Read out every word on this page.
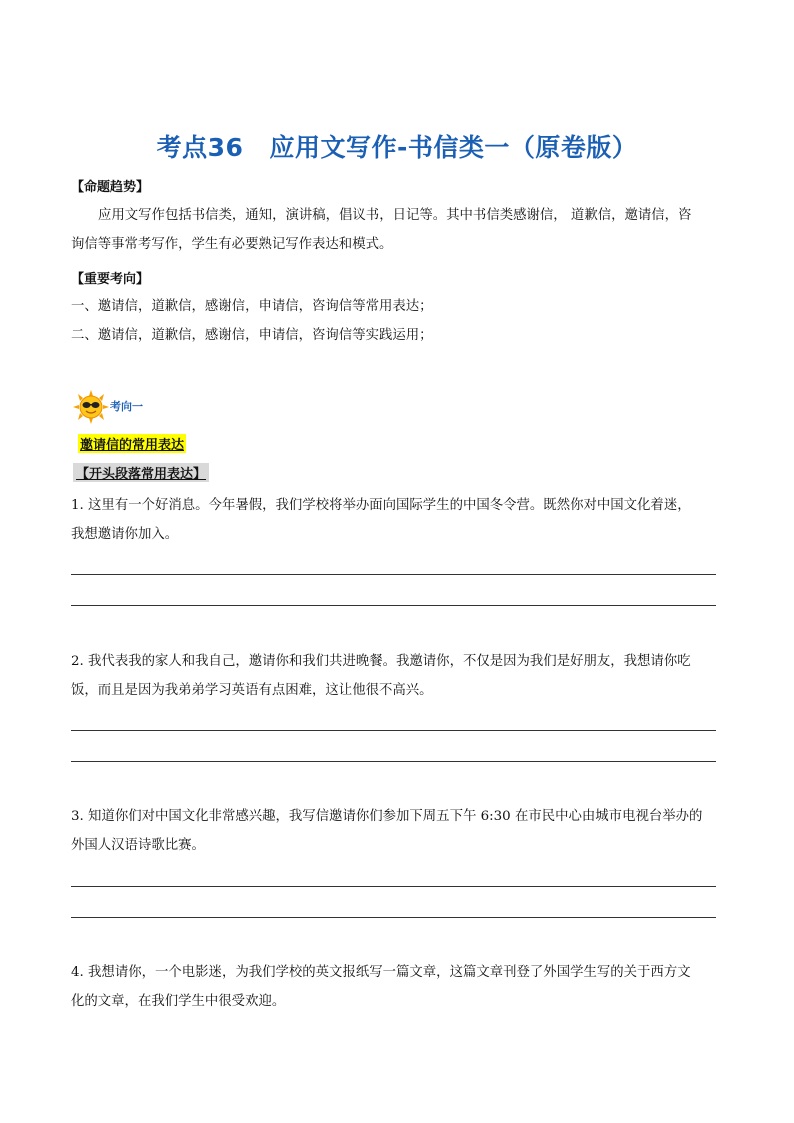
考点36 应用文写作-书信类一（原卷版）
【命题趋势】
应用文写作包括书信类，通知，演讲稿，倡议书，日记等。其中书信类感谢信， 道歉信，邀请信，咨
询信等事常考写作，学生有必要熟记写作表达和模式。
【重要考向】
一、邀请信，道歉信，感谢信，申请信，咨询信等常用表达；
二、邀请信，道歉信，感谢信，申请信，咨询信等实践运用；
考向一
邀请信的常用表达
【开头段落常用表达】
1. 这里有一个好消息。今年暑假，我们学校将举办面向国际学生的中国冬令营。既然你对中国文化着迷，
我想邀请你加入。
2. 我代表我的家人和我自己，邀请你和我们共进晚餐。我邀请你，不仅是因为我们是好朋友，我想请你吃
饭，而且是因为我弟弟学习英语有点困难，这让他很不高兴。
3. 知道你们对中国文化非常感兴趣，我写信邀请你们参加下周五下午 6:30 在市民中心由城市电视台举办的
外国人汉语诗歌比赛。
4. 我想请你，一个电影迷，为我们学校的英文报纸写一篇文章，这篇文章刊登了外国学生写的关于西方文
化的文章，在我们学生中很受欢迎。
